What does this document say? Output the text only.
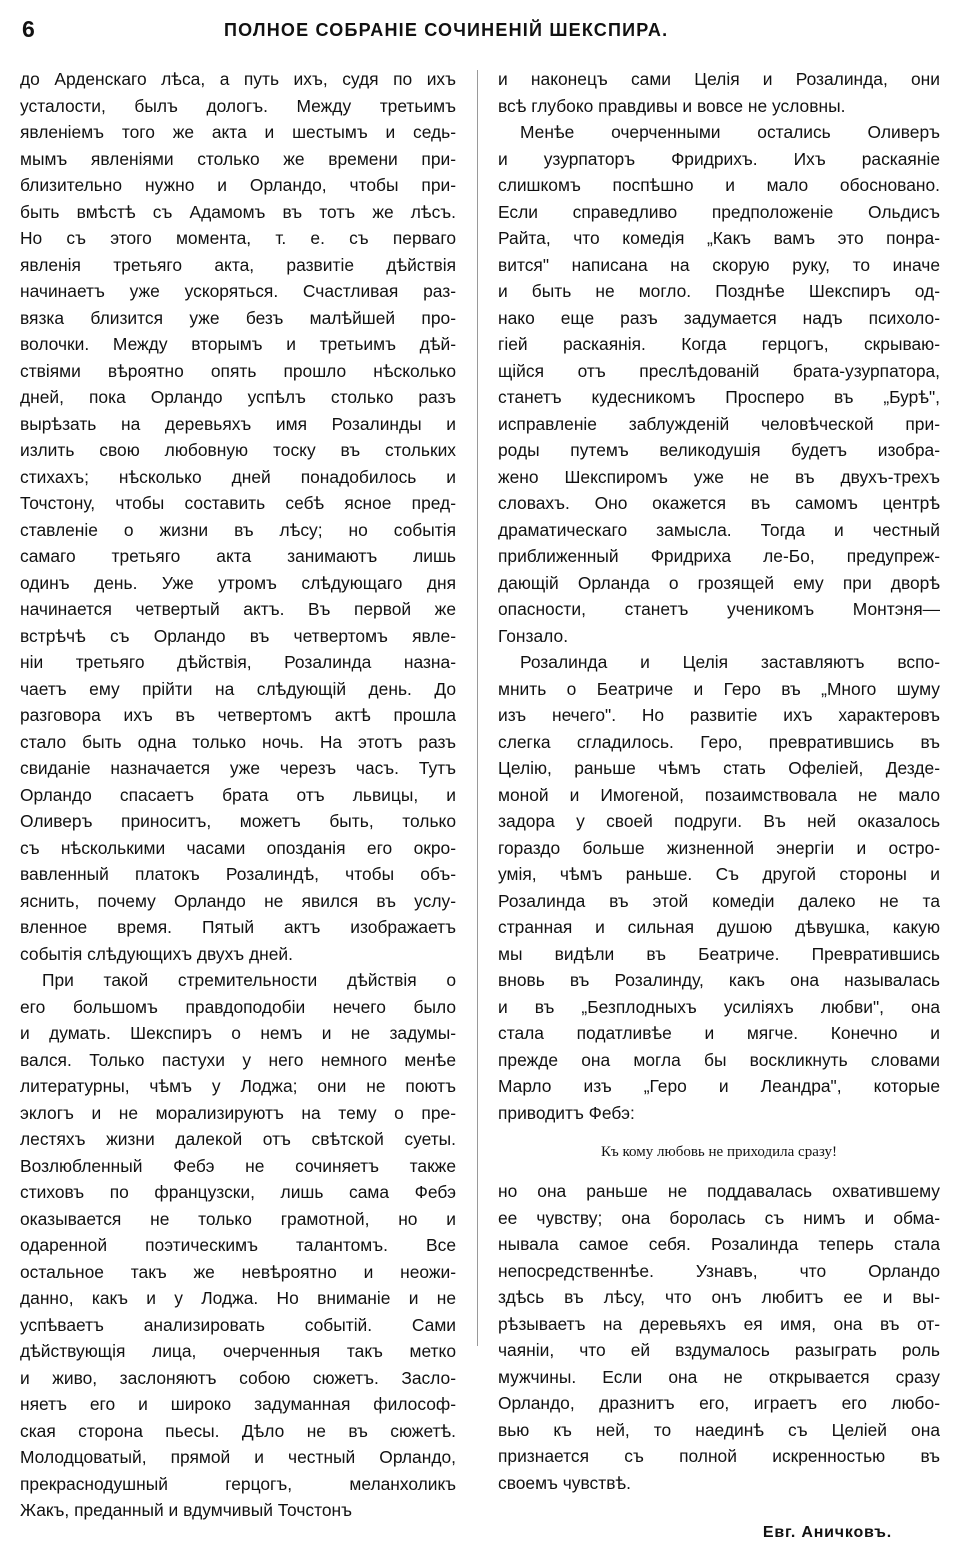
6	ПОЛНОЕ СОБРАНІЕ СОЧИНЕНІЙ ШЕКСПИРА.
до Арденскаго лѣса, а путь ихъ, судя по ихъ
усталости, былъ дологъ. Между третьимъ
явленіемъ того же акта и шестымъ и седь-
мымъ явленіями столько же времени при-
близительно нужно и Орландо, чтобы при-
быть вмѣстѣ съ Адамомъ въ тотъ же лѣсъ.
Но съ этого момента, т. е. съ перваго
явленія третьяго акта, развитіе дѣйствія
начинаетъ уже ускоряться. Счастливая раз-
вязка близится уже безъ малѣйшей про-
волочки. Между вторымъ и третьимъ дѣй-
ствіями вѣроятно опять прошло нѣсколько
дней, пока Орландо успѣлъ столько разъ
вырѣзать на деревьяхъ имя Розалинды и
излить свою любовную тоску въ стольких
стихахъ; нѣсколько дней понадобилось и
Точстону, чтобы составить себѣ ясное пред-
ставленіе о жизни въ лѣсу; но событія
самаго третьяго акта занимаютъ лишь
одинъ день. Уже утромъ слѣдующаго дня
начинается четвертый актъ. Въ первой же
встрѣчѣ съ Орландо въ четвертомъ явле-
ніи третьяго дѣйствія, Розалинда назна-
чаетъ ему прійти на слѣдующій день. До
разговора ихъ въ четвертомъ актѣ прошла
стало быть одна только ночь. На этотъ разъ
свиданіе назначается уже черезъ часъ. Тутъ
Орландо спасаетъ брата отъ львицы, и
Оливеръ приноситъ, можетъ быть, только
съ нѣсколькими часами опозданія его окро-
вавленный платокъ Розалиндѣ, чтобы объ-
яснить, почему Орландо не явился въ услу-
вленное время. Пятый актъ изображаетъ
событія слѣдующихъ двухъ дней.
При такой стремительности дѣйствія о
его большомъ правдоподобіи нечего было
и думать. Шекспиръ о немъ и не задумы-
вался. Только пастухи у него немного менѣе
литературны, чѣмъ у Лоджа; они не поютъ
эклогъ и не морализируютъ на тему о пре-
лестяхъ жизни далекой отъ свѣтской суеты.
Возлюбленный Фебэ не сочиняетъ также
стиховъ по французски, лишь сама Фебэ
оказывается не только грамотной, но и
одаренной поэтическимъ талантомъ. Все
остальное такъ же невѣроятно и неожи-
данно, какъ и у Лоджа. Но вниманіе и не
успѣваетъ анализировать событій. Сами
дѣйствующія лица, очерченныя такъ метко
и живо, заслоняютъ собою сюжетъ. Засло-
няетъ его и широко задуманная философ-
ская сторона пьесы. Дѣло не въ сюжетѣ.
Молодцоватый, прямой и честный Орландо,
прекраснодушный герцогъ, меланхоликъ
Жакъ, преданный и вдумчивый Точстонъ
и наконецъ сами Целія и Розалинда, они
всѣ глубоко правдивы и вовсе не условны.
Менѣе очерченными остались Оливеръ
и узурпаторъ Фридрихъ. Ихъ раскаяніе
слишкомъ поспѣшно и мало обосновано.
Если справедливо предположеніе Ольдисъ
Райта, что комедія „Какъ вамъ это понра-
вится" написана на скорую руку, то иначе
и быть не могло. Позднѣе Шекспиръ од-
нако еще разъ задумается надъ психоло-
гіей раскаянія. Когда герцогъ, скрываю-
щійся отъ преслѣдованій брата-узурпатора,
станетъ кудесникомъ Просперо въ „Бурѣ",
исправленіе заблужденій человѣческой при-
роды путемъ великодушія будетъ изобра-
жено Шекспиромъ уже не въ двухъ-трехъ
словахъ. Оно окажется въ самомъ центрѣ
драматическаго замысла. Тогда и честный
приближенный Фридриха ле-Бо, предупреж-
дающій Орланда о грозящей ему при дворѣ
опасности, станетъ ученикомъ Монтэня—
Гонзало.
Розалинда и Целія заставляютъ вспо-
мнить о Беатриче и Геро въ „Много шуму
изъ нечего". Но развитіе ихъ характеровъ
слегка сгладилось. Геро, превратившись въ
Целію, раньше чѣмъ стать Офеліей, Дезде-
моной и Имогеной, позаимствовала не мало
задора у своей подруги. Въ ней оказалось
гораздо больше жизненной энергіи и остро-
умія, чѣмъ раньше. Съ другой стороны и
Розалинда въ этой комедіи далеко не та
странная и сильная душою дѣвушка, какую
мы видѣли въ Беатриче. Превратившись
вновь въ Розалинду, какъ она называлась
и въ „Безплодныхъ усиліяхъ любви", она
стала податливѣе и мягче. Конечно и
прежде она могла бы воскликнуть словами
Марло изъ „Геро и Леандра", которые
приводитъ Фебэ:
Къ кому любовь не приходила сразу!
но она раньше не поддавалась охватившему
ее чувству; она боролась съ нимъ и обма-
нывала самое себя. Розалинда теперь стала
непосредственнѣе. Узнавъ, что Орландо
здѣсь въ лѣсу, что онъ любитъ ее и вы-
рѣзываетъ на деревьяхъ ея имя, она въ от-
чаяніи, что ей вздумалось разыграть роль
мужчины. Если она не открывается сразу
Орландо, дразнитъ его, играетъ его любо-
вью къ ней, то наединѣ съ Целіей она
признается съ полной искренностью въ
своемъ чувствѣ.
Евг. Аничковъ.
